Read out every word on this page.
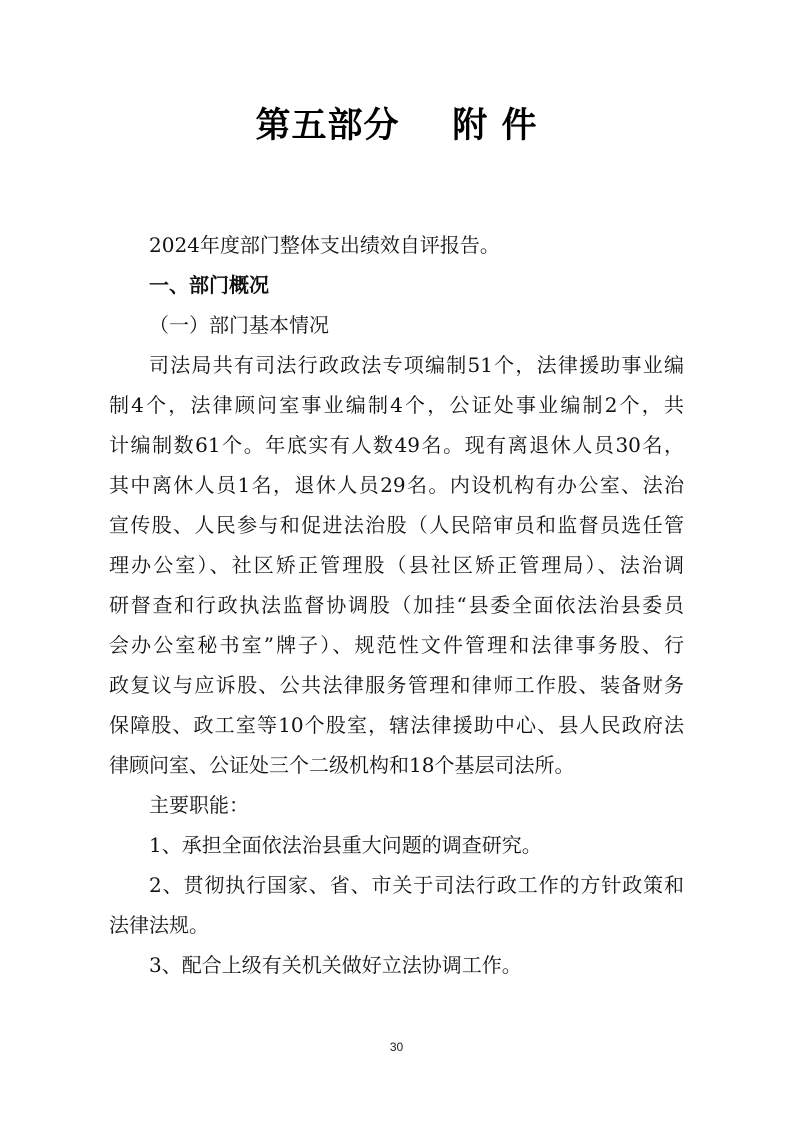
第五部分    附 件

2024年度部门整体支出绩效自评报告。

一、部门概况

（一）部门基本情况

司法局共有司法行政政法专项编制51个，法律援助事业编
制4个，法律顾问室事业编制4个，公证处事业编制2个，共
计编制数61个。年底实有人数49名。现有离退休人员30名，
其中离休人员1名，退休人员29名。内设机构有办公室、法治
宣传股、人民参与和促进法治股（人民陪审员和监督员选任管
理办公室）、社区矫正管理股（县社区矫正管理局）、法治调
研督查和行政执法监督协调股（加挂“县委全面依法治县委员
会办公室秘书室”牌子）、规范性文件管理和法律事务股、行
政复议与应诉股、公共法律服务管理和律师工作股、装备财务
保障股、政工室等10个股室，辖法律援助中心、县人民政府法
律顾问室、公证处三个二级机构和18个基层司法所。

主要职能：

1、承担全面依法治县重大问题的调查研究。

2、贯彻执行国家、省、市关于司法行政工作的方针政策和
法律法规。

3、配合上级有关机关做好立法协调工作。

30
